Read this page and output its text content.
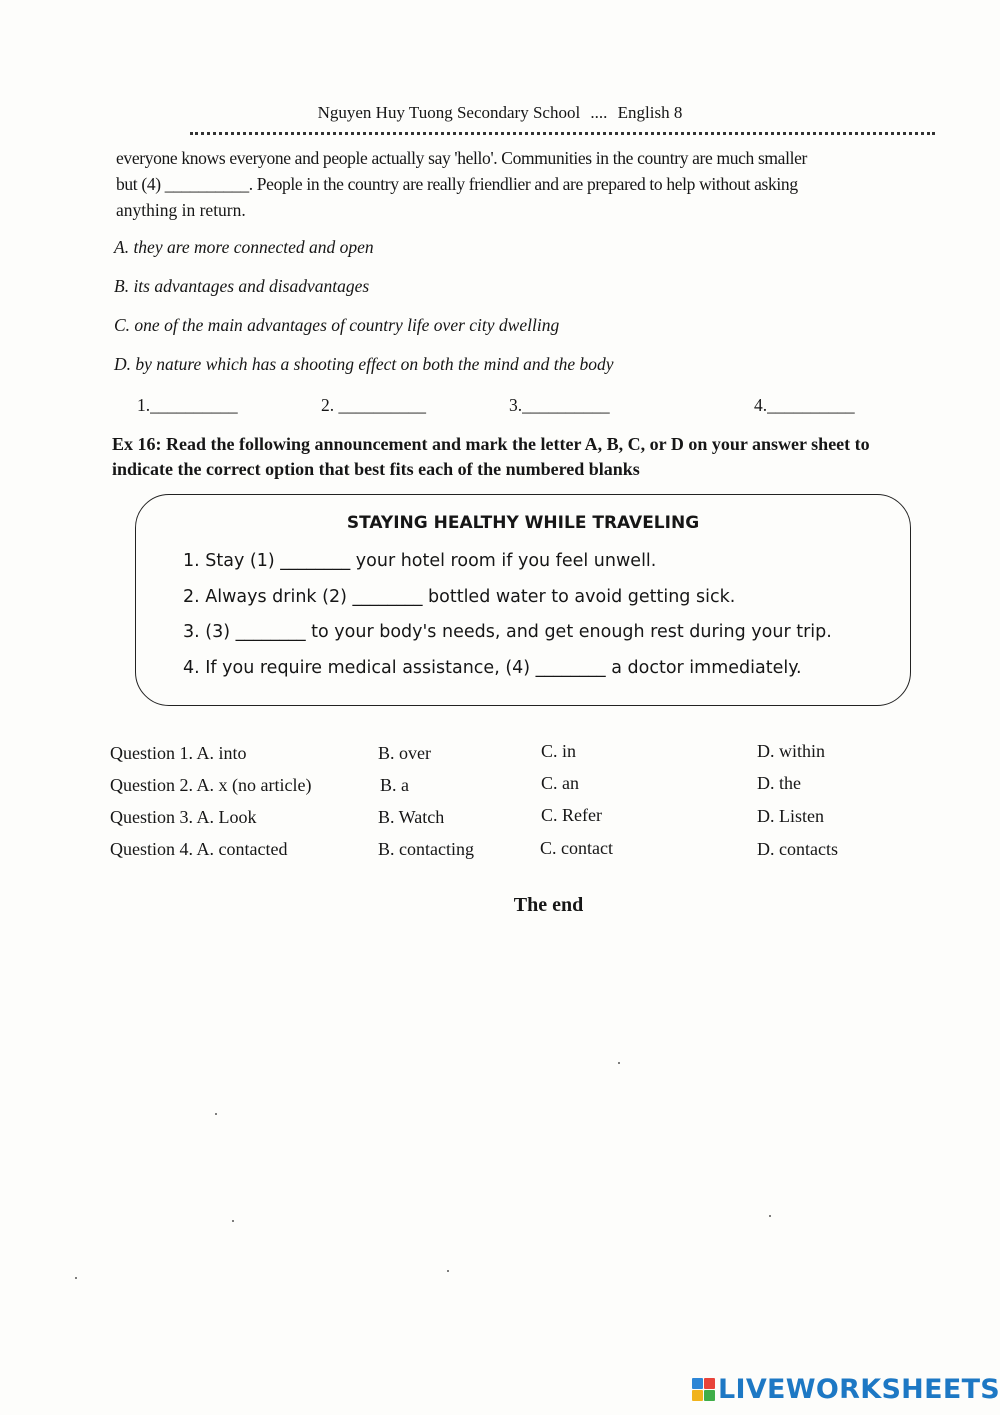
Nguyen Huy Tuong Secondary School .... English 8

everyone knows everyone and people actually say 'hello'. Communities in the country are much smaller

but (4) __________. People in the country are really friendlier and are prepared to help without asking

anything in return.

A. they are more connected and open
B. its advantages and disadvantages
C. one of the main advantages of country life over city dwelling
D. by nature which has a shooting effect on both the mind and the body
1.__________	2. __________	3.__________	4.__________
Ex 16: Read the following announcement and mark the letter A, B, C, or D on your answer sheet to indicate the correct option that best fits each of the numbered blanks
STAYING HEALTHY WHILE TRAVELING
1. Stay (1) ________ your hotel room if you feel unwell.
2. Always drink (2) ________ bottled water to avoid getting sick.
3. (3) ________ to your body's needs, and get enough rest during your trip.
4. If you require medical assistance, (4) ________ a doctor immediately.
Question 1. A. into	B. over	C. in	D. within
Question 2. A. x (no article)	B. a	C. an	D. the
Question 3. A. Look	B. Watch	C. Refer	D. Listen
Question 4. A. contacted	B. contacting	C. contact	D. contacts
The end
LIVEWORKSHEETS
